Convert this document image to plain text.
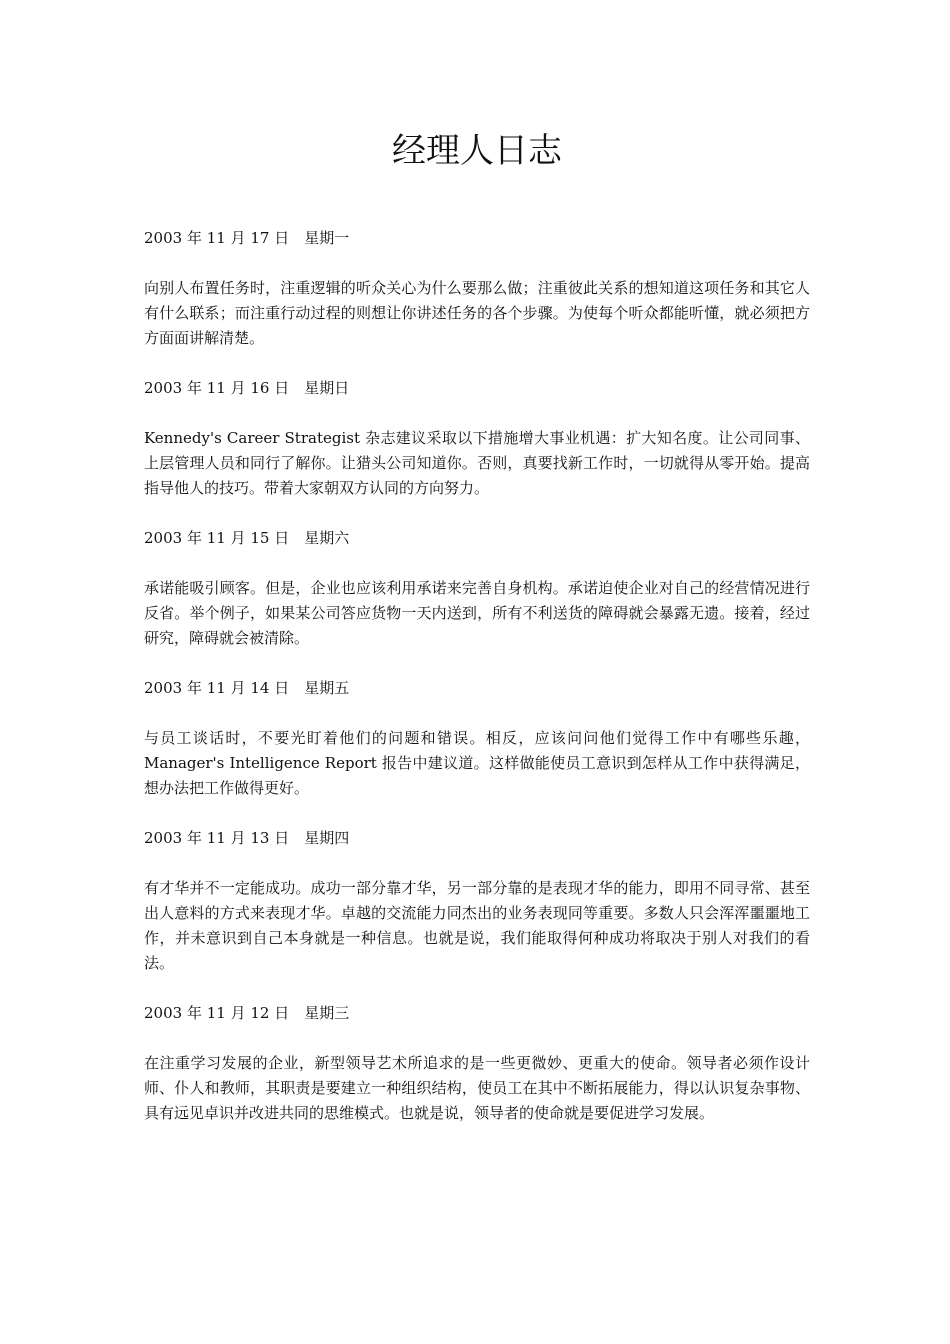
经理人日志

2003 年 11 月 17 日　星期一

向别人布置任务时，注重逻辑的听众关心为什么要那么做；注重彼此关系的想知道这项任务和其它人有什么联系；而注重行动过程的则想让你讲述任务的各个步骤。为使每个听众都能听懂，就必须把方方面面讲解清楚。

2003 年 11 月 16 日　星期日

Kennedy's Career Strategist 杂志建议采取以下措施增大事业机遇：扩大知名度。让公司同事、上层管理人员和同行了解你。让猎头公司知道你。否则，真要找新工作时，一切就得从零开始。提高指导他人的技巧。带着大家朝双方认同的方向努力。

2003 年 11 月 15 日　星期六

承诺能吸引顾客。但是，企业也应该利用承诺来完善自身机构。承诺迫使企业对自己的经营情况进行反省。举个例子，如果某公司答应货物一天内送到，所有不利送货的障碍就会暴露无遗。接着，经过研究，障碍就会被清除。

2003 年 11 月 14 日　星期五

与员工谈话时，不要光盯着他们的问题和错误。相反，应该问问他们觉得工作中有哪些乐趣，Manager's Intelligence Report 报告中建议道。这样做能使员工意识到怎样从工作中获得满足，想办法把工作做得更好。

2003 年 11 月 13 日　星期四

有才华并不一定能成功。成功一部分靠才华，另一部分靠的是表现才华的能力，即用不同寻常、甚至出人意料的方式来表现才华。卓越的交流能力同杰出的业务表现同等重要。多数人只会浑浑噩噩地工作，并未意识到自己本身就是一种信息。也就是说，我们能取得何种成功将取决于别人对我们的看法。

2003 年 11 月 12 日　星期三

在注重学习发展的企业，新型领导艺术所追求的是一些更微妙、更重大的使命。领导者必须作设计师、仆人和教师，其职责是要建立一种组织结构，使员工在其中不断拓展能力，得以认识复杂事物、具有远见卓识并改进共同的思维模式。也就是说，领导者的使命就是要促进学习发展。
